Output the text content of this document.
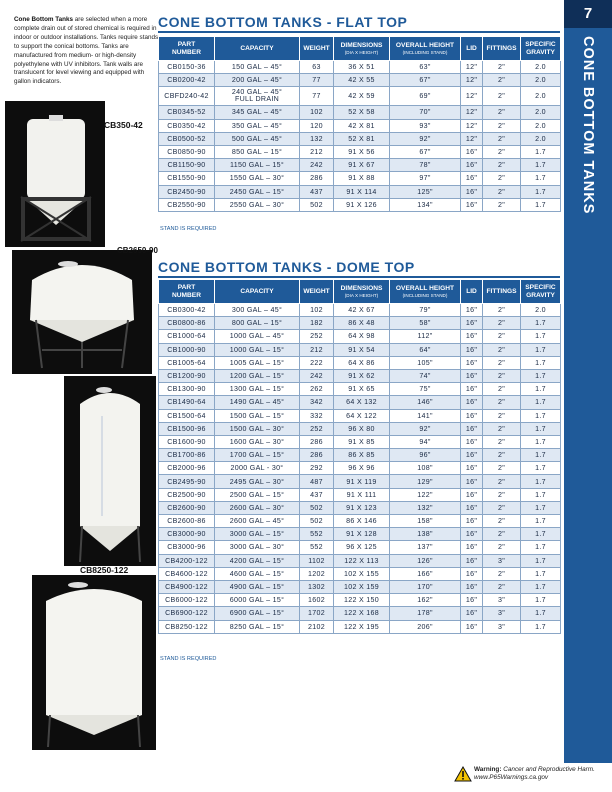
Cone Bottom Tanks are selected when a more complete drain out of stored chemical is required in indoor or outdoor installations. Tanks require stands to support the conical bottoms. Tanks are manufactured from medium- or high-density polyethylene with UV inhibitors. Tank walls are translucent for level viewing and equipped with gallon indicators.
CB350-42
CB2650-90
CB8250-122
CONE BOTTOM TANKS - FLAT TOP
PART
NUMBER	CAPACITY	WEIGHT	DIMENSIONS
(DIA X HEIGHT)	OVERALL HEIGHT
(INCLUDING STAND)	LID	FITTINGS	SPECIFIC
GRAVITY
CB0150-36	150 GAL – 45°	63	36 X 51	63"	12"	2"	2.0
CB0200-42	200 GAL – 45°	77	42 X 55	67"	12"	2"	2.0
CBFD240-42	240 GAL – 45°
FULL DRAIN	77	42 X 59	69"	12"	2"	2.0
CB0345-52	345 GAL – 45°	102	52 X 58	70"	12"	2"	2.0
CB0350-42	350 GAL – 45°	120	42 X 81	93"	12"	2"	2.0
CB0500-52	500 GAL – 45°	132	52 X 81	92"	12"	2"	2.0
CB0850-90	850 GAL – 15°	212	91 X 56	67"	16"	2"	1.7
CB1150-90	1150 GAL – 15°	242	91 X 67	78"	16"	2"	1.7
CB1550-90	1550 GAL – 30°	286	91 X 88	97"	16"	2"	1.7
CB2450-90	2450 GAL – 15°	437	91 X 114	125"	16"	2"	1.7
CB2550-90	2550 GAL – 30°	502	91 X 126	134"	16"	2"	1.7
STAND IS REQUIRED
CONE BOTTOM TANKS - DOME TOP
PART
NUMBER	CAPACITY	WEIGHT	DIMENSIONS
(DIA X HEIGHT)	OVERALL HEIGHT
(INCLUDING STAND)	LID	FITTINGS	SPECIFIC
GRAVITY
CB0300-42	300 GAL – 45°	102	42 X 67	79"	16"	2"	2.0
CB0800-86	800 GAL – 15°	182	86 X 48	58"	16"	2"	1.7
CB1000-64	1000 GAL – 45°	252	64 X 98	112"	16"	2"	1.7
CB1000-90	1000 GAL – 15°	212	91 X 54	64"	16"	2"	1.7
CB1005-64	1005 GAL – 15°	222	64 X 86	105"	16"	2"	1.7
CB1200-90	1200 GAL – 15°	242	91 X 62	74"	16"	2"	1.7
CB1300-90	1300 GAL – 15°	262	91 X 65	75"	16"	2"	1.7
CB1490-64	1490 GAL – 45°	342	64 X 132	146"	16"	2"	1.7
CB1500-64	1500 GAL – 15°	332	64 X 122	141"	16"	2"	1.7
CB1500-96	1500 GAL – 30°	252	96 X 80	92"	16"	2"	1.7
CB1600-90	1600 GAL – 30°	286	91 X 85	94"	16"	2"	1.7
CB1700-86	1700 GAL – 15°	286	86 X 85	96"	16"	2"	1.7
CB2000-96	2000 GAL - 30°	292	96 X 96	108"	16"	2"	1.7
CB2495-90	2495 GAL – 30°	487	91 X 119	129"	16"	2"	1.7
CB2500-90	2500 GAL – 15°	437	91 X 111	122"	16"	2"	1.7
CB2600-90	2600 GAL – 30°	502	91 X 123	132"	16"	2"	1.7
CB2600-86	2600 GAL – 45°	502	86 X 146	158"	16"	2"	1.7
CB3000-90	3000 GAL – 15°	552	91 X 128	138"	16"	2"	1.7
CB3000-96	3000 GAL – 30°	552	96 X 125	137"	16"	2"	1.7
CB4200-122	4200 GAL – 15°	1102	122 X 113	126"	16"	3"	1.7
CB4600-122	4600 GAL – 15°	1202	102 X 155	166"	16"	2"	1.7
CB4900-122	4900 GAL – 15°	1302	102 X 159	170"	16"	2"	1.7
CB6000-122	6000 GAL – 15°	1602	122 X 150	162"	16"	3"	1.7
CB6900-122	6900 GAL – 15°	1702	122 X 168	178"	16"	3"	1.7
CB8250-122	8250 GAL – 15°	2102	122 X 195	206"	16"	3"	1.7
STAND IS REQUIRED
7
CONE BOTTOM TANKS
Warning: Cancer and Reproductive Harm.
www.P65Warnings.ca.gov
